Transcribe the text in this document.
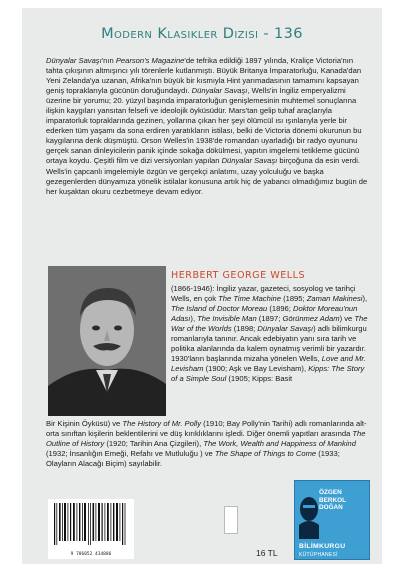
Modern Klasikler Dizisi - 136
Dünyalar Savaşı'nın Pearson's Magazine'de tefrika edildiği 1897 yılında, Kraliçe Victoria'nın tahta çıkışının altmışıncı yılı törenlerle kutlanmıştı. Büyük Britanya İmparatorluğu, Kanada'dan Yeni Zelanda'ya uzanan, Afrika'nın büyük bir kısmıyla Hint yarımadasının tamamını kapsayan geniş topraklarıyla gücünün doruğundaydı. Dünyalar Savaşı, Wells'in İngiliz emperyalizmi üzerine bir yorumu; 20. yüzyıl başında imparatorluğun genişlemesinin muhtemel sonuçlarına ilişkin kaygıları yansıtan felsefi ve ideolojik öyküsüdür. Mars'tan gelip tuhaf araçlarıyla imparatorluk topraklarında gezinen, yollarına çıkan her şeyi ölümcül ısı ışınlarıyla yerle bir ederken tüm yaşamı da sona erdiren yaratıkların istilası, belki de Victoria dönemi okurunun bu kaygılarına denk düşmüştü. Orson Welles'in 1938'de romandan uyarladığı bir radyo oyununu gerçek sanan dinleyicilerin panik içinde sokağa dökülmesi, yapıtın imgelemi tetikleme gücünü ortaya koydu. Çeşitli film ve dizi versiyonları yapılan Dünyalar Savaşı birçoğuna da esin verdi. Wells'in çapcanlı imgelemiyle özgün ve gerçekçi anlatımı, uzay yolculuğu ve başka gezegenlerden dünyamıza yönelik istilalar konusuna artık hiç de yabancı olmadığımız bugün de her kuşaktan okuru cezbetmeye devam ediyor.
HERBERT GEORGE WELLS
(1866-1946): İngiliz yazar, gazeteci, sosyolog ve tarihçi Wells, en çok The Time Machine (1895; Zaman Makinesi), The Island of Doctor Moreau (1896; Doktor Moreau'nun Adası), The Invisible Man (1897; Görünmez Adam) ve The War of the Worlds (1898; Dünyalar Savaşı) adlı bilimkurgu romanlarıyla tanınır. Ancak edebiyatın yanı sıra tarih ve politika alanlarında da kalem oynatmış verimli bir yazardır. 1930'ların başlarında mizaha yönelen Wells, Love and Mr. Levisham (1900; Aşk ve Bay Levisham), Kipps: The Story of a Simple Soul (1905; Kipps: Basit
Bir Kişinin Öyküsü) ve The History of Mr. Polly (1910; Bay Polly'nin Tarihi) adlı romanlarında alt-orta sınıftan kişilerin beklentilerini ve düş kırıklıklarını işledi. Diğer önemli yapıtları arasında The Outline of History (1920; Tarihin Ana Çizgileri), The Work, Wealth and Happiness of Mankind (1932; İnsanlığın Emeği, Refahı ve Mutluluğu ) ve The Shape of Things to Come (1933; Olayların Alacağı Biçim) sayılabilir.
9 786052 434886	16 TL
ÖZGEN
BERKOL
DOĞAN
BİLİMKURGU
KÜTÜPHANESİ
